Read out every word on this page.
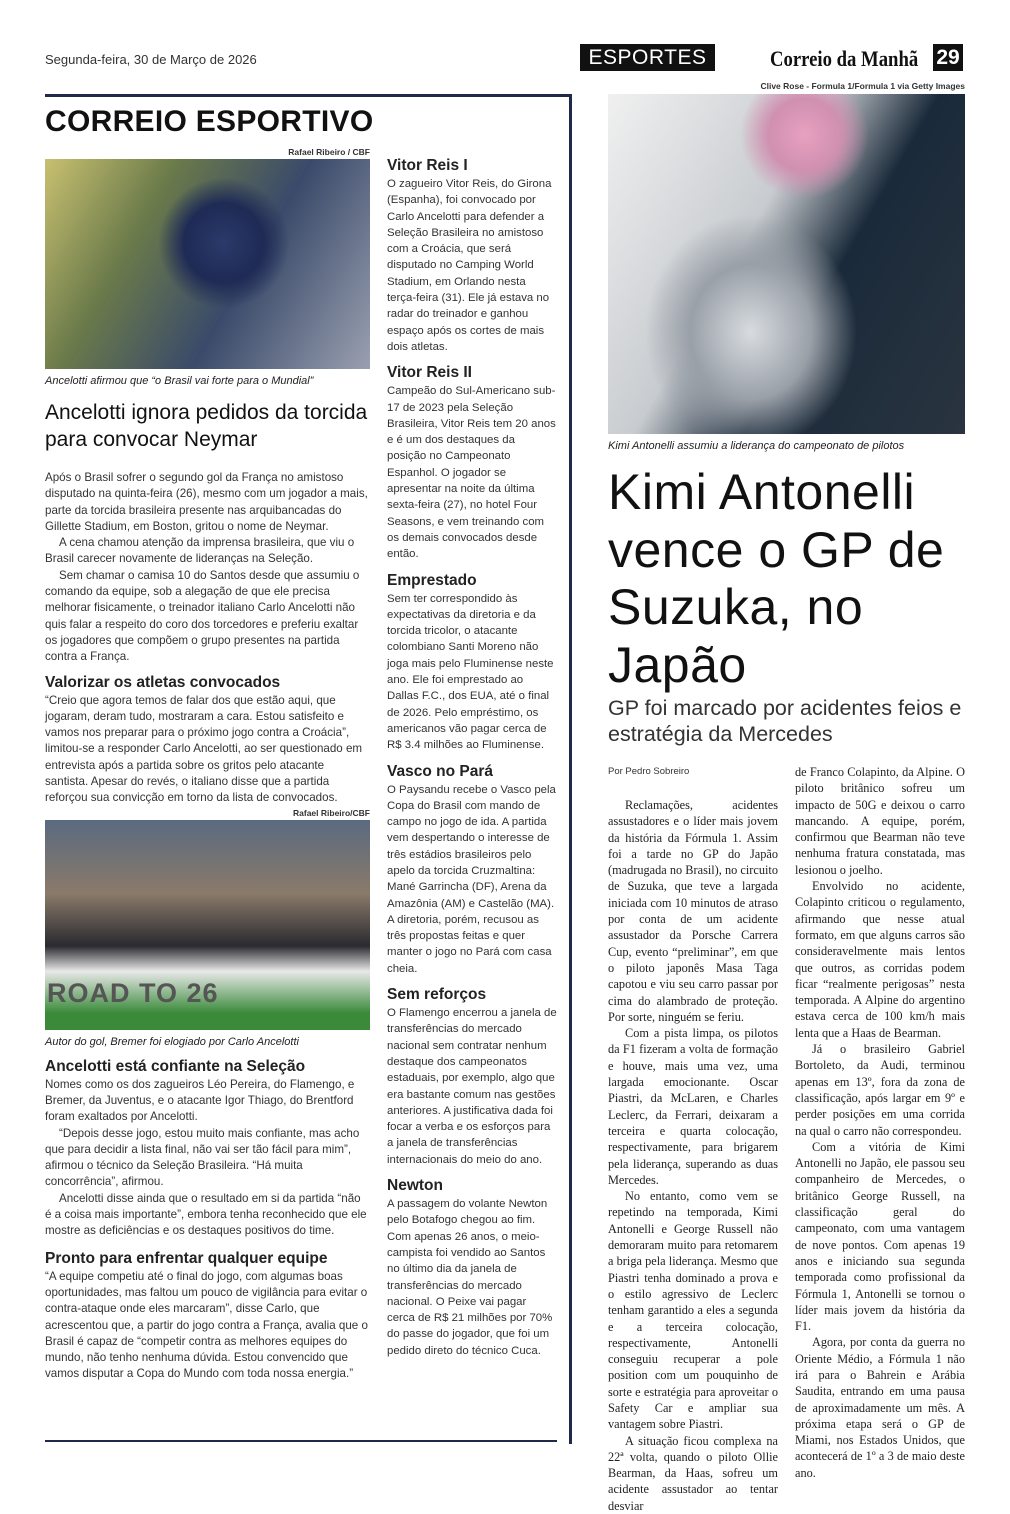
Segunda-feira, 30 de Março de 2026	ESPORTES	Correio da Manhã 29
CORREIO ESPORTIVO
Rafael Ribeiro / CBF
Ancelotti afirmou que “o Brasil vai forte para o Mundial”
Ancelotti ignora pedidos da torcida para convocar Neymar
Após o Brasil sofrer o segundo gol da França no amistoso disputado na quinta-feira (26), mesmo com um jogador a mais, parte da torcida brasileira presente nas arquibancadas do Gillette Stadium, em Boston, gritou o nome de Neymar.
A cena chamou atenção da imprensa brasileira, que viu o Brasil carecer novamente de lideranças na Seleção.
Sem chamar o camisa 10 do Santos desde que assumiu o comando da equipe, sob a alegação de que ele precisa melhorar fisicamente, o treinador italiano Carlo Ancelotti não quis falar a respeito do coro dos torcedores e preferiu exaltar os jogadores que compõem o grupo presentes na partida contra a França.
Valorizar os atletas convocados
“Creio que agora temos de falar dos que estão aqui, que jogaram, deram tudo, mostraram a cara. Estou satisfeito e vamos nos preparar para o próximo jogo contra a Croácia”, limitou-se a responder Carlo Ancelotti, ao ser questionado em entrevista após a partida sobre os gritos pelo atacante santista. Apesar do revés, o italiano disse que a partida reforçou sua convicção em torno da lista de convocados.
Rafael Ribeiro/CBF
ROAD TO 26
Autor do gol, Bremer foi elogiado por Carlo Ancelotti
Ancelotti está confiante na Seleção
Nomes como os dos zagueiros Léo Pereira, do Flamengo, e Bremer, da Juventus, e o atacante Igor Thiago, do Brentford foram exaltados por Ancelotti.
“Depois desse jogo, estou muito mais confiante, mas acho que para decidir a lista final, não vai ser tão fácil para mim”, afirmou o técnico da Seleção Brasileira. “Há muita concorrência”, afirmou.
Ancelotti disse ainda que o resultado em si da partida “não é a coisa mais importante”, embora tenha reconhecido que ele mostre as deficiências e os destaques positivos do time.
Pronto para enfrentar qualquer equipe
“A equipe competiu até o final do jogo, com algumas boas oportunidades, mas faltou um pouco de vigilância para evitar o contra-ataque onde eles marcaram”, disse Carlo, que acrescentou que, a partir do jogo contra a França, avalia que o Brasil é capaz de “competir contra as melhores equipes do mundo, não tenho nenhuma dúvida. Estou convencido que vamos disputar a Copa do Mundo com toda nossa energia.”
Vitor Reis I
O zagueiro Vitor Reis, do Girona (Espanha), foi convocado por Carlo Ancelotti para defender a Seleção Brasileira no amistoso com a Croácia, que será disputado no Camping World Stadium, em Orlando nesta terça-feira (31). Ele já estava no radar do treinador e ganhou espaço após os cortes de mais dois atletas.
Vitor Reis II
Campeão do Sul-Americano sub-17 de 2023 pela Seleção Brasileira, Vitor Reis tem 20 anos e é um dos destaques da posição no Campeonato Espanhol. O jogador se apresentar na noite da última sexta-feira (27), no hotel Four Seasons, e vem treinando com os demais convocados desde então.
Emprestado
Sem ter correspondido às expectativas da diretoria e da torcida tricolor, o atacante colombiano Santi Moreno não joga mais pelo Fluminense neste ano. Ele foi emprestado ao Dallas F.C., dos EUA, até o final de 2026. Pelo empréstimo, os americanos vão pagar cerca de R$ 3.4 milhões ao Fluminense.
Vasco no Pará
O Paysandu recebe o Vasco pela Copa do Brasil com mando de campo no jogo de ida. A partida vem despertando o interesse de três estádios brasileiros pelo apelo da torcida Cruzmaltina: Mané Garrincha (DF), Arena da Amazônia (AM) e Castelão (MA). A diretoria, porém, recusou as três propostas feitas e quer manter o jogo no Pará com casa cheia.
Sem reforços
O Flamengo encerrou a janela de transferências do mercado nacional sem contratar nenhum destaque dos campeonatos estaduais, por exemplo, algo que era bastante comum nas gestões anteriores. A justificativa dada foi focar a verba e os esforços para a janela de transferências internacionais do meio do ano.
Newton
A passagem do volante Newton pelo Botafogo chegou ao fim. Com apenas 26 anos, o meio-campista foi vendido ao Santos no último dia da janela de transferências do mercado nacional. O Peixe vai pagar cerca de R$ 21 milhões por 70% do passe do jogador, que foi um pedido direto do técnico Cuca.
Clive Rose - Formula 1/Formula 1 via Getty Images
Kimi Antonelli assumiu a liderança do campeonato de pilotos
Kimi Antonelli vence o GP de Suzuka, no Japão
GP foi marcado por acidentes feios e estratégia da Mercedes
Por Pedro Sobreiro
Reclamações, acidentes assustadores e o líder mais jovem da história da Fórmula 1. Assim foi a tarde no GP do Japão (madrugada no Brasil), no circuito de Suzuka, que teve a largada iniciada com 10 minutos de atraso por conta de um acidente assustador da Porsche Carrera Cup, evento “preliminar”, em que o piloto japonês Masa Taga capotou e viu seu carro passar por cima do alambrado de proteção. Por sorte, ninguém se feriu.
Com a pista limpa, os pilotos da F1 fizeram a volta de formação e houve, mais uma vez, uma largada emocionante. Oscar Piastri, da McLaren, e Charles Leclerc, da Ferrari, deixaram a terceira e quarta colocação, respectivamente, para brigarem pela liderança, superando as duas Mercedes.
No entanto, como vem se repetindo na temporada, Kimi Antonelli e George Russell não demoraram muito para retomarem a briga pela liderança. Mesmo que Piastri tenha dominado a prova e o estilo agressivo de Leclerc tenham garantido a eles a segunda e a terceira colocação, respectivamente, Antonelli conseguiu recuperar a pole position com um pouquinho de sorte e estratégia para aproveitar o Safety Car e ampliar sua vantagem sobre Piastri.
A situação ficou complexa na 22ª volta, quando o piloto Ollie Bearman, da Haas, sofreu um acidente assustador ao tentar desviar
de Franco Colapinto, da Alpine. O piloto britânico sofreu um impacto de 50G e deixou o carro mancando. A equipe, porém, confirmou que Bearman não teve nenhuma fratura constatada, mas lesionou o joelho.
Envolvido no acidente, Colapinto criticou o regulamento, afirmando que nesse atual formato, em que alguns carros são consideravelmente mais lentos que outros, as corridas podem ficar “realmente perigosas” nesta temporada. A Alpine do argentino estava cerca de 100 km/h mais lenta que a Haas de Bearman.
Já o brasileiro Gabriel Bortoleto, da Audi, terminou apenas em 13º, fora da zona de classificação, após largar em 9º e perder posições em uma corrida na qual o carro não correspondeu.
Com a vitória de Kimi Antonelli no Japão, ele passou seu companheiro de Mercedes, o britânico George Russell, na classificação geral do campeonato, com uma vantagem de nove pontos. Com apenas 19 anos e iniciando sua segunda temporada como profissional da Fórmula 1, Antonelli se tornou o líder mais jovem da história da F1.
Agora, por conta da guerra no Oriente Médio, a Fórmula 1 não irá para o Bahrein e Arábia Saudita, entrando em uma pausa de aproximadamente um mês. A próxima etapa será o GP de Miami, nos Estados Unidos, que acontecerá de 1º a 3 de maio deste ano.
